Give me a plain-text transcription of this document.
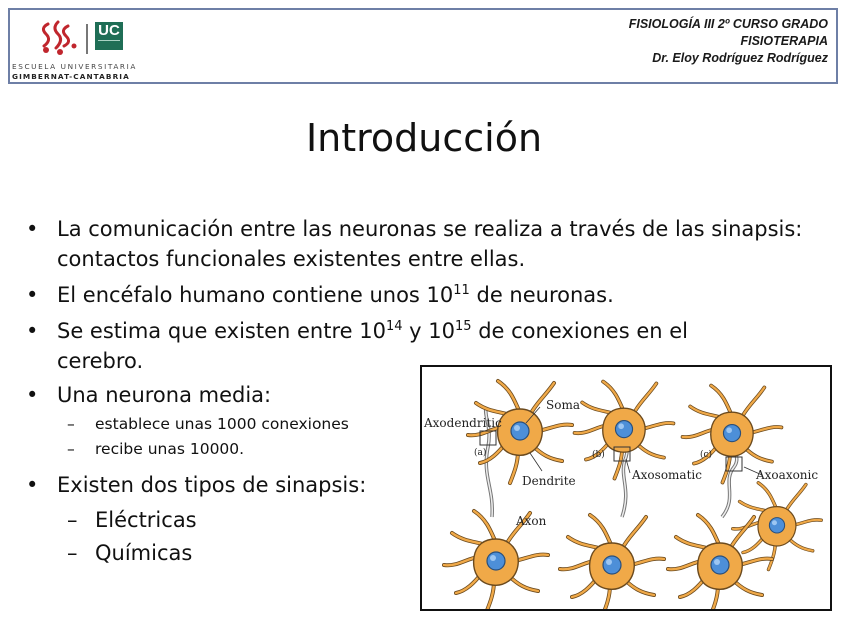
UC
ESCUELA UNIVERSITARIA
GIMBERNAT-CANTABRIA
FISIOLOGÍA III 2º CURSO GRADO
FISIOTERAPIA
Dr. Eloy Rodríguez Rodríguez
Introducción

• La comunicación entre las neuronas se realiza a través de las sinapsis: contactos funcionales existentes entre ellas.

• El encéfalo humano contiene unos $10^{11}$ de neuronas.

• Se estima que existen entre $10^{14}$ y $10^{15}$ de conexiones en el
cerebro.

• Una neurona media:

– establece unas 1000 conexiones

– recibe unas 10000.

• Existen dos tipos de sinapsis:

– Eléctricas

– Químicas

Soma
Axodendritic
(a)	(b)	(c)
Dendrite	Axosomatic	Axoaxonic
Axon
